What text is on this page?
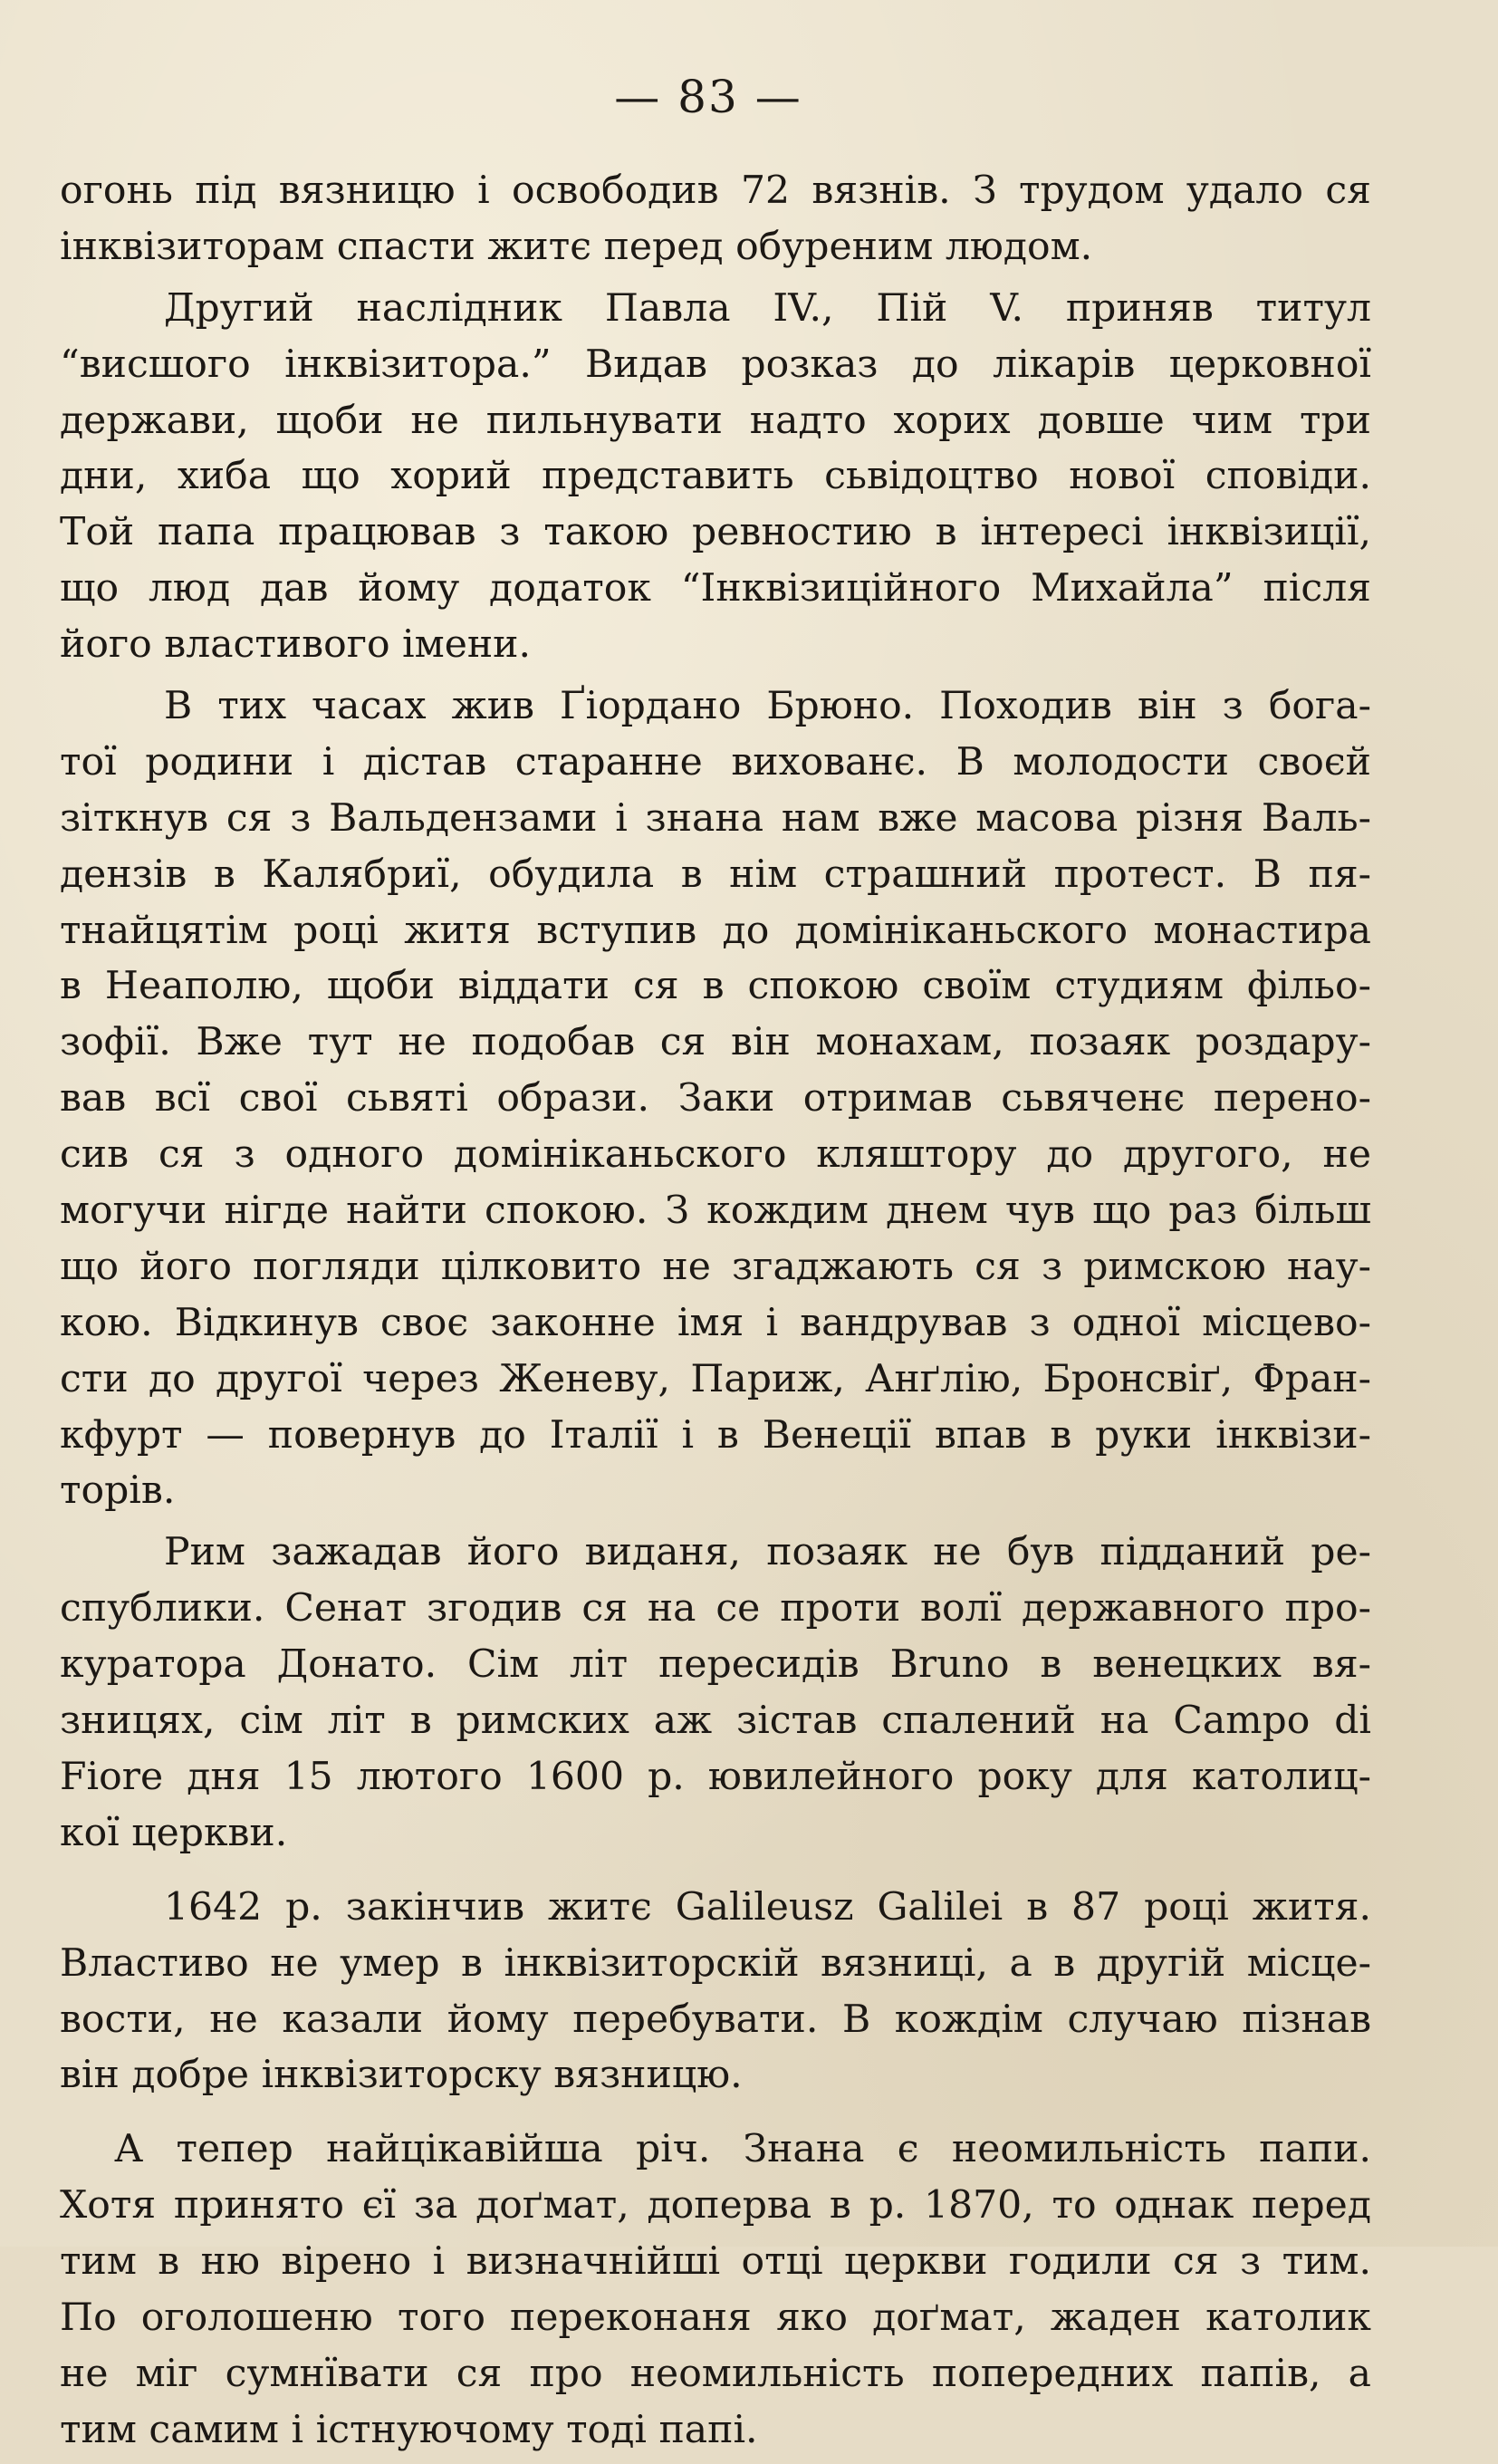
— 83 —
огонь під вязницю і освободив 72 вязнів. З трудом удало ся
інквізиторам спасти житє перед обуреним людом.
Другий наслідник Павла IV., Пій V. приняв титул
“висшого інквізитора.” Видав розказ до лікарів церковної
держави, щоби не пильнувати надто хорих довше чим три
дни, хиба що хорий представить сьвідоцтво нової сповіди.
Той папа працював з такою ревностию в інтересі інквізиції,
що люд дав йому додаток “Інквізиційного Михайла” після
його властивого імени.
В тих часах жив Ґіордано Брюно. Походив він з бога-
тої родини і дістав старанне вихованє. В молодости своєй
зіткнув ся з Вальдензами і знана нам вже масова різня Валь-
дензів в Калябриї, обудила в нім страшний протест. В пя-
тнайцятім році житя вступив до домініканьского монастира
в Неаполю, щоби віддати ся в спокою своїм студиям фільо-
зофії. Вже тут не подобав ся він монахам, позаяк роздару-
вав всї свої сьвяті образи. Заки отримав сьвяченє перено-
сив ся з одного домініканьского кляштору до другого, не
могучи нігде найти спокою. З кождим днем чув що раз більш
що його погляди цілковито не згаджають ся з римскою нау-
кою. Відкинув своє законне імя і вандрував з одної місцево-
сти до другої через Женеву, Париж, Анґлію, Бронсвіґ, Фран-
кфурт — повернув до Італії і в Венеції впав в руки інквізи-
торів.
Рим зажадав його виданя, позаяк не був підданий ре-
спублики. Сенат згодив ся на се проти волї державного про-
куратора Донато. Сім літ пересидів Bruno в венецких вя-
зницях, сім літ в римских аж зістав спалений на Campo di
Fiore дня 15 лютого 1600 р. ювилейного року для католиц-
кої церкви.
1642 р. закінчив житє Galileusz Galilei в 87 році житя.
Властиво не умер в інквізиторскій вязниці, а в другій місце-
вости, не казали йому перебувати. В кождім случаю пізнав
він добре інквізиторску вязницю.
А тепер найцікавійша річ. Знана є неомильність папи.
Хотя принято єї за доґмат, доперва в р. 1870, то однак перед
тим в ню вірено і визначнійші отці церкви годили ся з тим.
По оголошеню того переконаня яко доґмат, жаден католик
не міг сумнївати ся про неомильність попередних папів, а
тим самим і істнуючому тоді папі.
